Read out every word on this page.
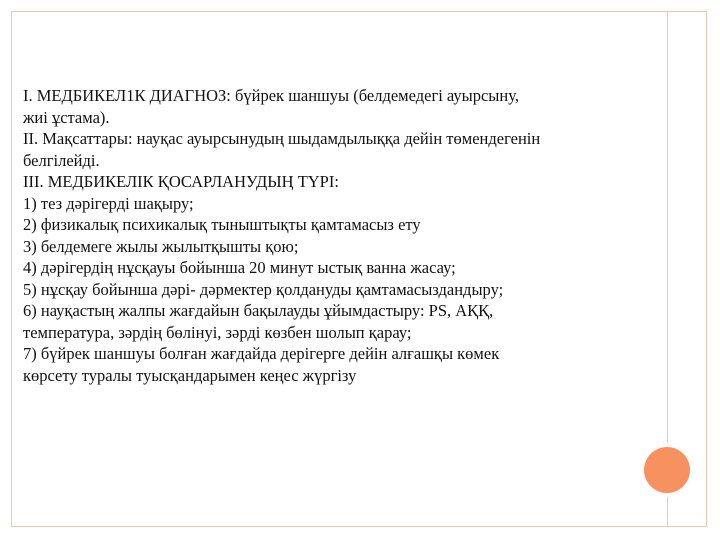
I. МЕДБИКЕЛ1К ДИАГНОЗ: бүйрек шаншуы (белдемедегі ауырсыну,
жиі ұстама).
II. Мақсаттары: науқас ауырсынудың шыдамдылыққа дейін төмендегенін
белгілейді.
III. МЕДБИКЕЛІК ҚОСАРЛАНУДЫҢ ТҮРІ:
1) тез дәрігерді шақыру;
2) физикалық психикалық тыныштықты қамтамасыз ету
3) белдемеге жылы жылытқышты қою;
4) дәрігердің нұсқауы бойынша 20 минут ыстық ванна жасау;
5) нұсқау бойынша дәрі- дәрмектер қолдануды қамтамасыздандыру;
6) науқастың жалпы жағдайын бақылауды ұйымдастыру: PS, АҚҚ,
температура, зәрдің бөлінуі, зәрді көзбен шолып қарау;
7) бүйрек шаншуы болған жағдайда дерігерге дейін алғашқы көмек
көрсету туралы туысқандарымен кеңес жүргізу
